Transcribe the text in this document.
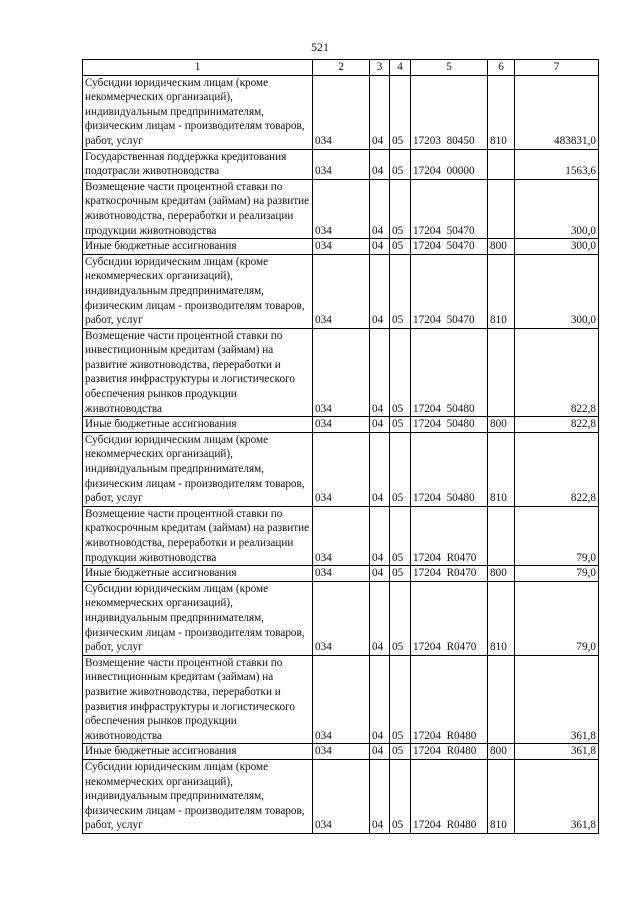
521
1	2	3	4	5	6	7
Субсидии юридическим лицам (кроме некоммерческих организаций), индивидуальным предпринимателям, физическим лицам - производителям товаров, работ, услуг	034	04	05	17203  80450	810	483831,0
Государственная поддержка кредитования подотрасли животноводства	034	04	05	17204  00000		1563,6
Возмещение части процентной ставки по краткосрочным кредитам (займам) на развитие животноводства, переработки и реализации продукции животноводства	034	04	05	17204  50470		300,0
Иные бюджетные ассигнования	034	04	05	17204  50470	800	300,0
Субсидии юридическим лицам (кроме некоммерческих организаций), индивидуальным предпринимателям, физическим лицам - производителям товаров, работ, услуг	034	04	05	17204  50470	810	300,0
Возмещение части процентной ставки по инвестиционным кредитам (займам) на развитие животноводства, переработки и развития инфраструктуры и логистического обеспечения рынков продукции животноводства	034	04	05	17204  50480		822,8
Иные бюджетные ассигнования	034	04	05	17204  50480	800	822,8
Субсидии юридическим лицам (кроме некоммерческих организаций), индивидуальным предпринимателям, физическим лицам - производителям товаров, работ, услуг	034	04	05	17204  50480	810	822,8
Возмещение части процентной ставки по краткосрочным кредитам (займам) на развитие животноводства, переработки и реализации продукции животноводства	034	04	05	17204  R0470		79,0
Иные бюджетные ассигнования	034	04	05	17204  R0470	800	79,0
Субсидии юридическим лицам (кроме некоммерческих организаций), индивидуальным предпринимателям, физическим лицам - производителям товаров, работ, услуг	034	04	05	17204  R0470	810	79,0
Возмещение части процентной ставки по инвестиционным кредитам (займам) на развитие животноводства, переработки и развития инфраструктуры и логистического обеспечения рынков продукции животноводства	034	04	05	17204  R0480		361,8
Иные бюджетные ассигнования	034	04	05	17204  R0480	800	361,8
Субсидии юридическим лицам (кроме некоммерческих организаций), индивидуальным предпринимателям, физическим лицам - производителям товаров, работ, услуг	034	04	05	17204  R0480	810	361,8
